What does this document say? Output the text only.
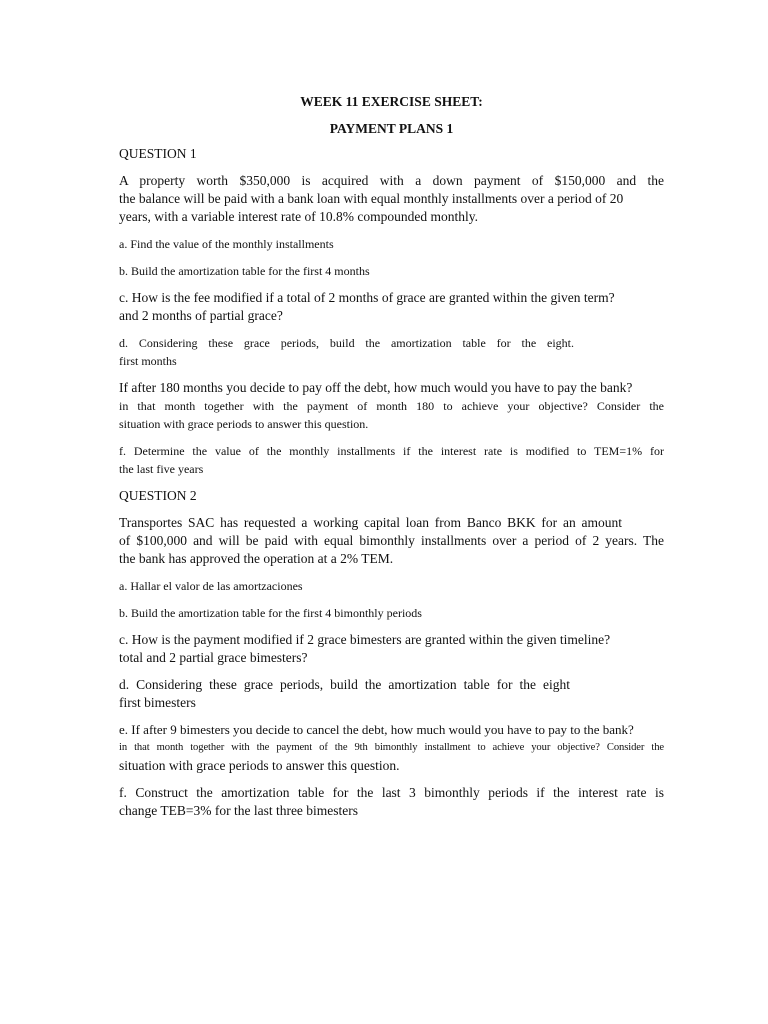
WEEK 11 EXERCISE SHEET:
PAYMENT PLANS 1
QUESTION 1

A property worth $350,000 is acquired with a down payment of $150,000 and the
the balance will be paid with a bank loan with equal monthly installments over a period of 20
years, with a variable interest rate of 10.8% compounded monthly.

a. Find the value of the monthly installments

b. Build the amortization table for the first 4 months

c. How is the fee modified if a total of 2 months of grace are granted within the given term?
and 2 months of partial grace?

d. Considering these grace periods, build the amortization table for the eight.
first months

If after 180 months you decide to pay off the debt, how much would you have to pay the bank?
in that month together with the payment of month 180 to achieve your objective? Consider the
situation with grace periods to answer this question.

f. Determine the value of the monthly installments if the interest rate is modified to TEM=1% for
the last five years

QUESTION 2

Transportes SAC has requested a working capital loan from Banco BKK for an amount
of $100,000 and will be paid with equal bimonthly installments over a period of 2 years. The
the bank has approved the operation at a 2% TEM.

a. Hallar el valor de las amortzaciones

b. Build the amortization table for the first 4 bimonthly periods

c. How is the payment modified if 2 grace bimesters are granted within the given timeline?
total and 2 partial grace bimesters?

d. Considering these grace periods, build the amortization table for the eight
first bimesters

e. If after 9 bimesters you decide to cancel the debt, how much would you have to pay to the bank?
in that month together with the payment of the 9th bimonthly installment to achieve your objective? Consider the
situation with grace periods to answer this question.

f. Construct the amortization table for the last 3 bimonthly periods if the interest rate is
change TEB=3% for the last three bimesters
